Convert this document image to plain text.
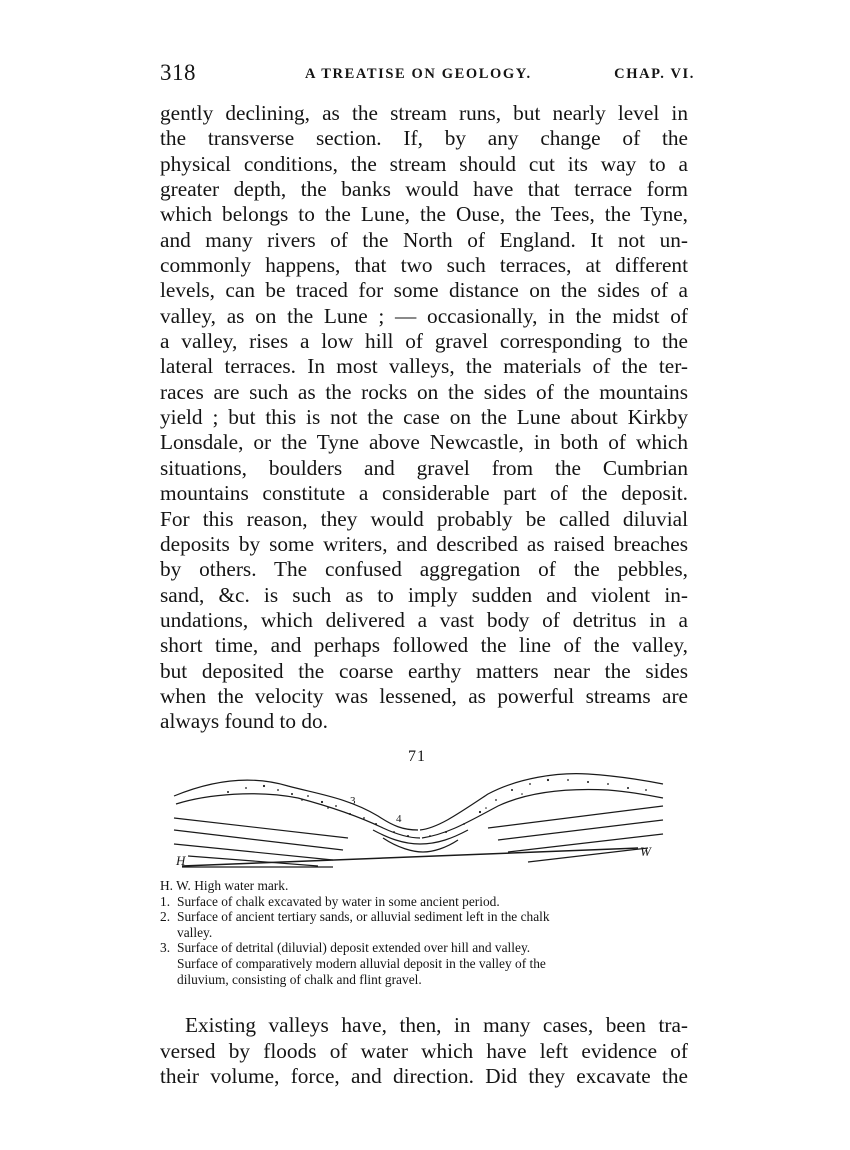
318	A TREATISE ON GEOLOGY.	CHAP. VI.
gently declining, as the stream runs, but nearly level in
the transverse section. If, by any change of the
physical conditions, the stream should cut its way to a
greater depth, the banks would have that terrace form
which belongs to the Lune, the Ouse, the Tees, the Tyne,
and many rivers of the North of England. It not un-
commonly happens, that two such terraces, at different
levels, can be traced for some distance on the sides of a
valley, as on the Lune ; — occasionally, in the midst of
a valley, rises a low hill of gravel corresponding to the
lateral terraces. In most valleys, the materials of the ter-
races are such as the rocks on the sides of the mountains
yield ; but this is not the case on the Lune about Kirkby
Lonsdale, or the Tyne above Newcastle, in both of which
situations, boulders and gravel from the Cumbrian
mountains constitute a considerable part of the deposit.
For this reason, they would probably be called diluvial
deposits by some writers, and described as raised breaches
by others. The confused aggregation of the pebbles,
sand, &c. is such as to imply sudden and violent in-
undations, which delivered a vast body of detritus in a
short time, and perhaps followed the line of the valley,
but deposited the coarse earthy matters near the sides
when the velocity was lessened, as powerful streams are
always found to do.
71
3
4
H
W
H. W. High water mark.
1. Surface of chalk excavated by water in some ancient period.
2. Surface of ancient tertiary sands, or alluvial sediment left in the chalk
valley.
3. Surface of detrital (diluvial) deposit extended over hill and valley.
Surface of comparatively modern alluvial deposit in the valley of the
diluvium, consisting of chalk and flint gravel.
Existing valleys have, then, in many cases, been tra-
versed by floods of water which have left evidence of
their volume, force, and direction. Did they excavate the
